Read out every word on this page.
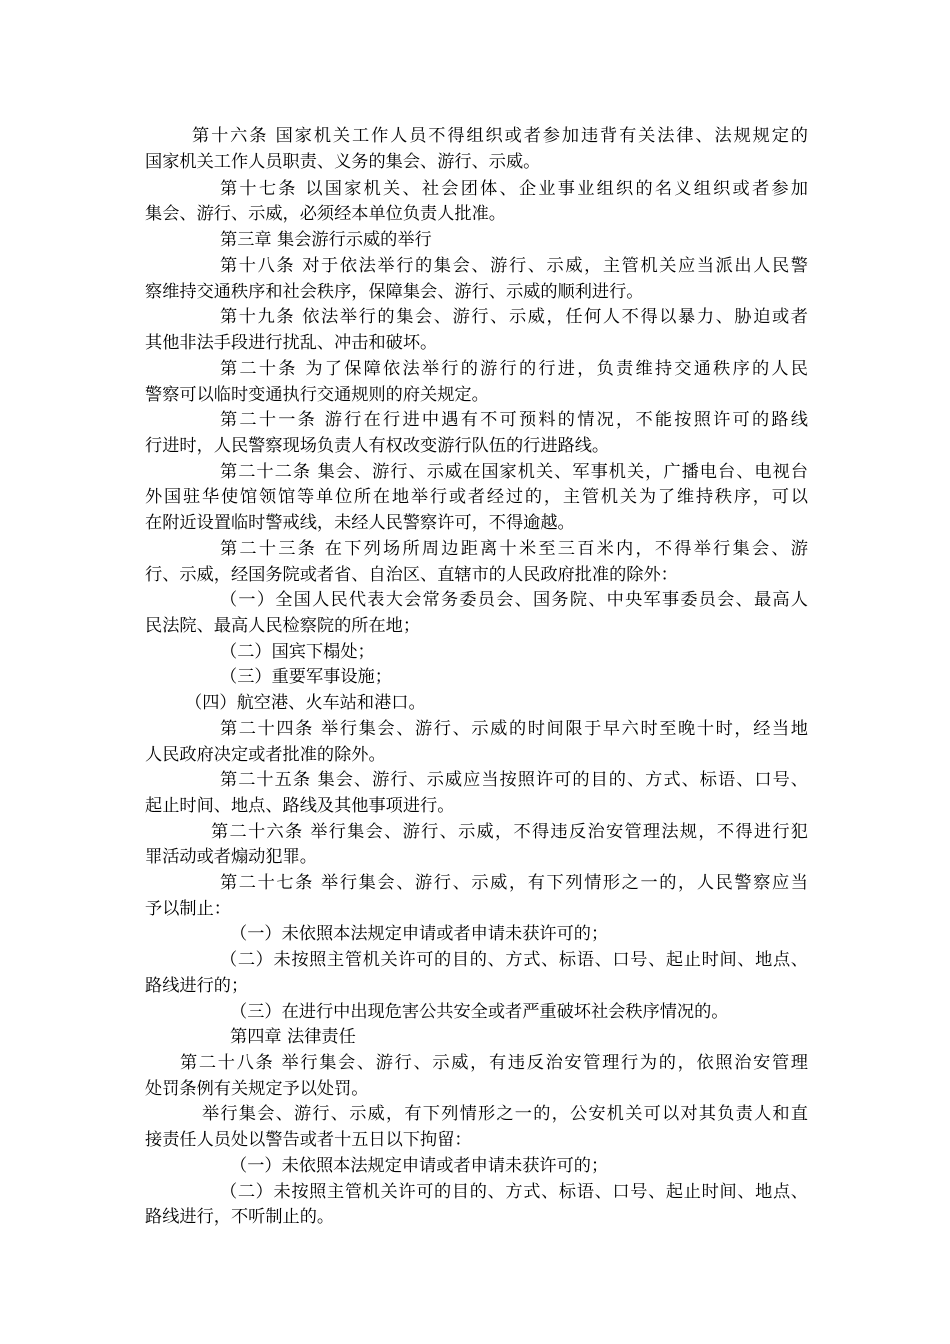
第十六条 国家机关工作人员不得组织或者参加违背有关法律、法规规定的
国家机关工作人员职责、义务的集会、游行、示威。
第十七条 以国家机关、社会团体、企业事业组织的名义组织或者参加
集会、游行、示威，必须经本单位负责人批准。
第三章 集会游行示威的举行
第十八条 对于依法举行的集会、游行、示威，主管机关应当派出人民警
察维持交通秩序和社会秩序，保障集会、游行、示威的顺利进行。
第十九条 依法举行的集会、游行、示威，任何人不得以暴力、胁迫或者
其他非法手段进行扰乱、冲击和破坏。
第二十条 为了保障依法举行的游行的行进，负责维持交通秩序的人民
警察可以临时变通执行交通规则的府关规定。
第二十一条 游行在行进中遇有不可预料的情况，不能按照许可的路线
行进时，人民警察现场负责人有权改变游行队伍的行进路线。
第二十二条 集会、游行、示威在国家机关、军事机关，广播电台、电视台
外国驻华使馆领馆等单位所在地举行或者经过的，主管机关为了维持秩序，可以
在附近设置临时警戒线，未经人民警察许可，不得逾越。
第二十三条 在下列场所周边距离十米至三百米内，不得举行集会、游
行、示威，经国务院或者省、自治区、直辖市的人民政府批准的除外：
（一）全国人民代表大会常务委员会、国务院、中央军事委员会、最高人
民法院、最高人民检察院的所在地；
（二）国宾下榻处；
（三）重要军事设施；
（四）航空港、火车站和港口。
第二十四条 举行集会、游行、示威的时间限于早六时至晚十时，经当地
人民政府决定或者批准的除外。
第二十五条 集会、游行、示威应当按照许可的目的、方式、标语、口号、
起止时间、地点、路线及其他事项进行。
第二十六条 举行集会、游行、示威，不得违反治安管理法规，不得进行犯
罪活动或者煽动犯罪。
第二十七条 举行集会、游行、示威，有下列情形之一的，人民警察应当
予以制止：
（一）未依照本法规定申请或者申请未获许可的；
（二）未按照主管机关许可的目的、方式、标语、口号、起止时间、地点、
路线进行的；
（三）在进行中出现危害公共安全或者严重破坏社会秩序情况的。
第四章 法律责任
第二十八条 举行集会、游行、示威，有违反治安管理行为的，依照治安管理
处罚条例有关规定予以处罚。
举行集会、游行、示威，有下列情形之一的，公安机关可以对其负责人和直
接责任人员处以警告或者十五日以下拘留：
（一）未依照本法规定申请或者申请未获许可的；
（二）未按照主管机关许可的目的、方式、标语、口号、起止时间、地点、
路线进行，不听制止的。
